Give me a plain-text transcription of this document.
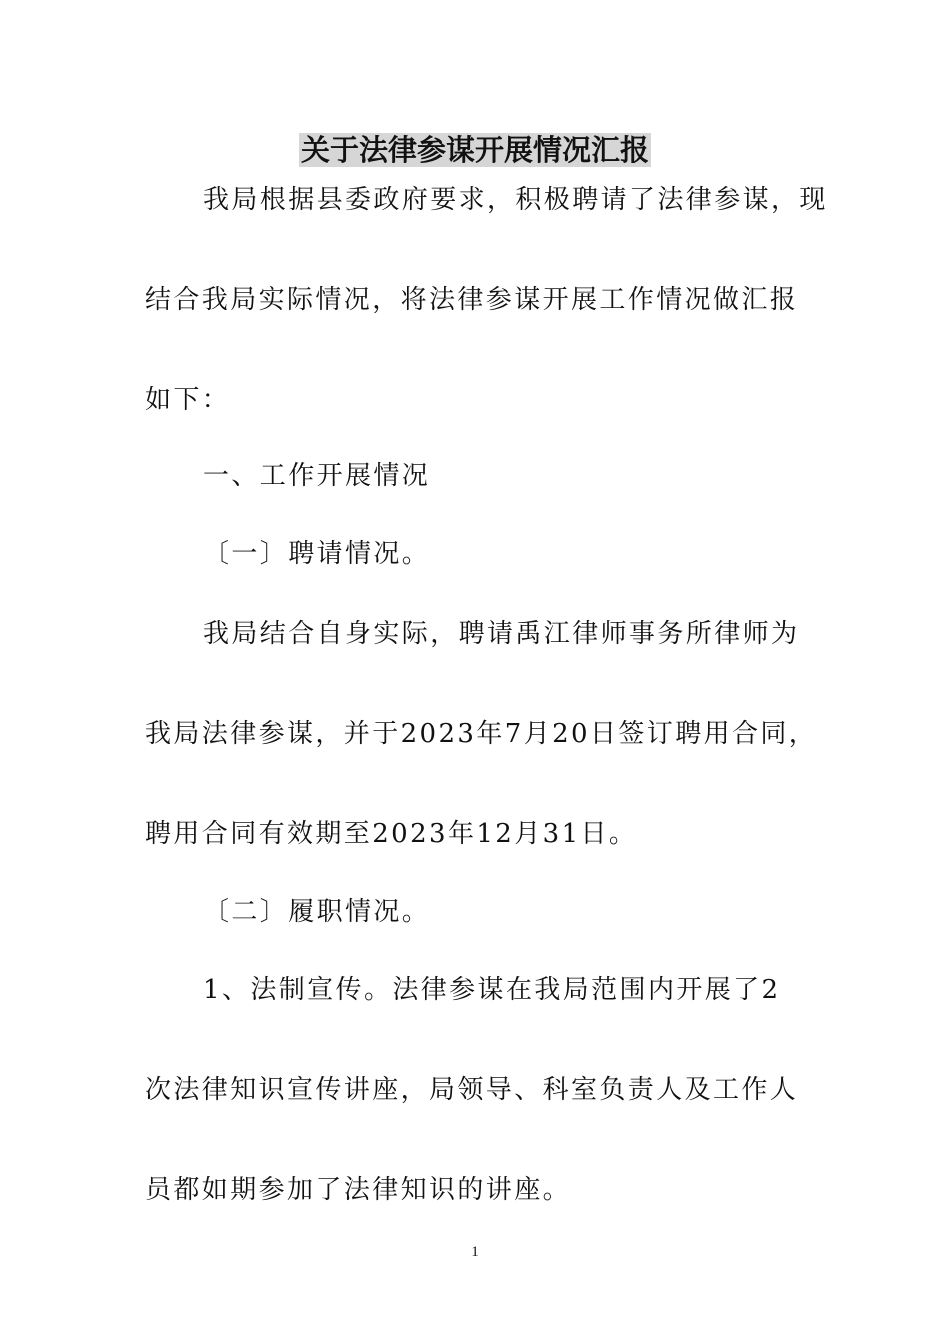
关于法律参谋开展情况汇报
我局根据县委政府要求，积极聘请了法律参谋，现
结合我局实际情况，将法律参谋开展工作情况做汇报
如下：
一、工作开展情况
〔一〕聘请情况。
我局结合自身实际，聘请禹江律师事务所律师为
我局法律参谋，并于2023年7月20日签订聘用合同，
聘用合同有效期至2023年12月31日。
〔二〕履职情况。
1、法制宣传。法律参谋在我局范围内开展了2
次法律知识宣传讲座，局领导、科室负责人及工作人
员都如期参加了法律知识的讲座。
1
